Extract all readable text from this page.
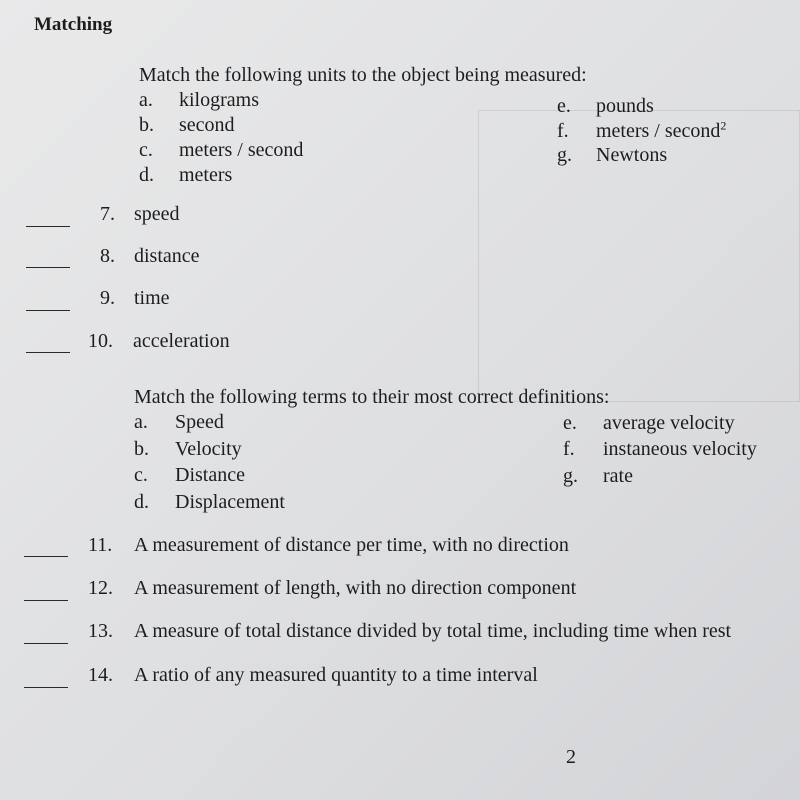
Matching
Match the following units to the object being measured:
a. kilograms
b. second
c. meters / second
d. meters
e. pounds
f. meters / second$^2$
g. Newtons
7. speed
8. distance
9. time
10. acceleration
Match the following terms to their most correct definitions:
a. Speed
b. Velocity
c. Distance
d. Displacement
e. average velocity
f. instaneous velocity
g. rate
11. A measurement of distance per time, with no direction
12. A measurement of length, with no direction component
13. A measure of total distance divided by total time, including time when rest
14. A ratio of any measured quantity to a time interval
2
